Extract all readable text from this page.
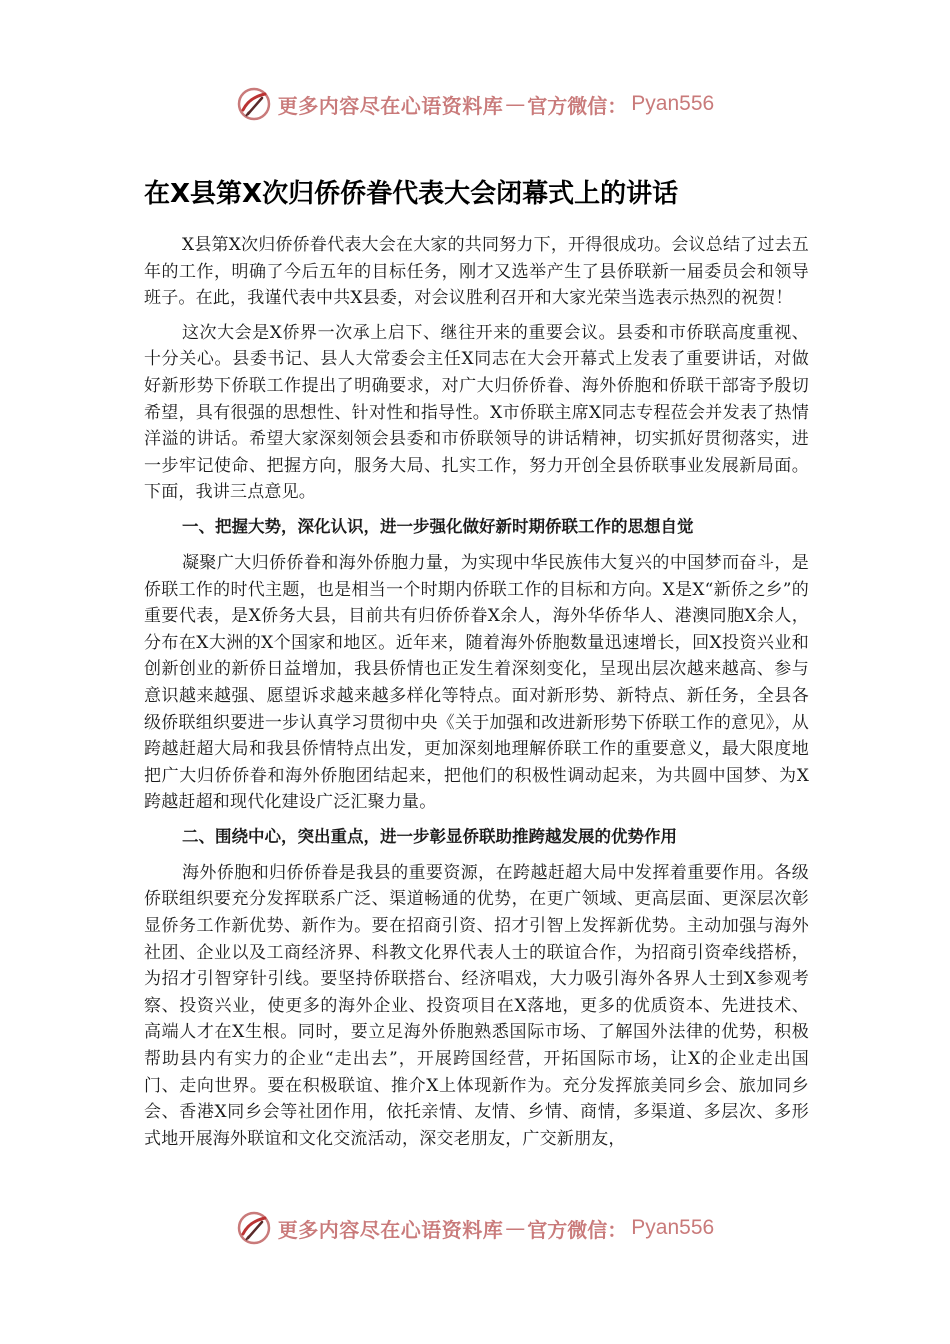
更多内容尽在心语资料库 — 官方微信： Pyan556
在X县第X次归侨侨眷代表大会闭幕式上的讲话

X县第X次归侨侨眷代表大会在大家的共同努力下，开得很成功。会议总结了过去五年的工作，明确了今后五年的目标任务，刚才又选举产生了县侨联新一届委员会和领导班子。在此，我谨代表中共X县委，对会议胜利召开和大家光荣当选表示热烈的祝贺！

这次大会是X侨界一次承上启下、继往开来的重要会议。县委和市侨联高度重视、十分关心。县委书记、县人大常委会主任X同志在大会开幕式上发表了重要讲话，对做好新形势下侨联工作提出了明确要求，对广大归侨侨眷、海外侨胞和侨联干部寄予殷切希望，具有很强的思想性、针对性和指导性。X市侨联主席X同志专程莅会并发表了热情洋溢的讲话。希望大家深刻领会县委和市侨联领导的讲话精神，切实抓好贯彻落实，进一步牢记使命、把握方向，服务大局、扎实工作，努力开创全县侨联事业发展新局面。下面，我讲三点意见。

一、把握大势，深化认识，进一步强化做好新时期侨联工作的思想自觉

凝聚广大归侨侨眷和海外侨胞力量，为实现中华民族伟大复兴的中国梦而奋斗，是侨联工作的时代主题，也是相当一个时期内侨联工作的目标和方向。X是X“新侨之乡”的重要代表，是X侨务大县，目前共有归侨侨眷X余人，海外华侨华人、港澳同胞X余人，分布在X大洲的X个国家和地区。近年来，随着海外侨胞数量迅速增长，回X投资兴业和创新创业的新侨日益增加，我县侨情也正发生着深刻变化，呈现出层次越来越高、参与意识越来越强、愿望诉求越来越多样化等特点。面对新形势、新特点、新任务，全县各级侨联组织要进一步认真学习贯彻中央《关于加强和改进新形势下侨联工作的意见》，从跨越赶超大局和我县侨情特点出发，更加深刻地理解侨联工作的重要意义，最大限度地把广大归侨侨眷和海外侨胞团结起来，把他们的积极性调动起来，为共圆中国梦、为X跨越赶超和现代化建设广泛汇聚力量。

二、围绕中心，突出重点，进一步彰显侨联助推跨越发展的优势作用

海外侨胞和归侨侨眷是我县的重要资源，在跨越赶超大局中发挥着重要作用。各级侨联组织要充分发挥联系广泛、渠道畅通的优势，在更广领域、更高层面、更深层次彰显侨务工作新优势、新作为。要在招商引资、招才引智上发挥新优势。主动加强与海外社团、企业以及工商经济界、科教文化界代表人士的联谊合作，为招商引资牵线搭桥，为招才引智穿针引线。要坚持侨联搭台、经济唱戏，大力吸引海外各界人士到X参观考察、投资兴业，使更多的海外企业、投资项目在X落地，更多的优质资本、先进技术、高端人才在X生根。同时，要立足海外侨胞熟悉国际市场、了解国外法律的优势，积极帮助县内有实力的企业“走出去”，开展跨国经营，开拓国际市场，让X的企业走出国门、走向世界。要在积极联谊、推介X上体现新作为。充分发挥旅美同乡会、旅加同乡会、香港X同乡会等社团作用，依托亲情、友情、乡情、商情，多渠道、多层次、多形式地开展海外联谊和文化交流活动，深交老朋友，广交新朋友，

更多内容尽在心语资料库 — 官方微信： Pyan556
